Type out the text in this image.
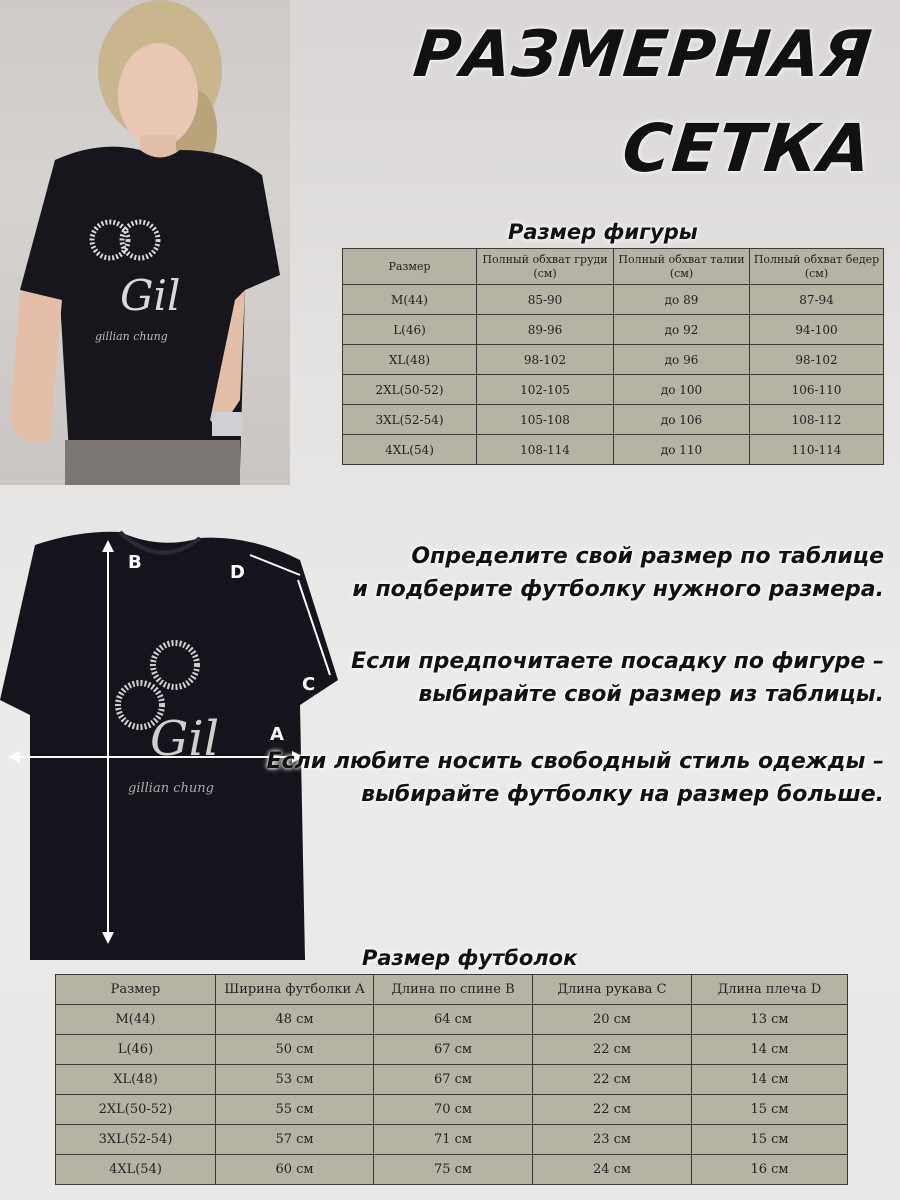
Gil
gillian chung
РАЗМЕРНАЯ
СЕТКА
Размер фигуры
Размер	Полный обхват груди (см)	Полный обхват талии (см)	Полный обхват бедер (см)
M(44)	85-90	до 89	87-94
L(46)	89-96	до 92	94-100
XL(48)	98-102	до 96	98-102
2XL(50-52)	102-105	до 100	106-110
3XL(52-54)	105-108	до 106	108-112
4XL(54)	108-114	до 110	110-114
Gil
gillian chung
B	D
C
A
Определите свой размер по таблице
и подберите футболку нужного размера.
Если предпочитаете посадку по фигуре –
выбирайте свой размер из таблицы.
Если любите носить свободный стиль одежды –
выбирайте футболку на размер больше.
Размер футболок
Размер	Ширина футболки A	Длина по спине B	Длина рукава C	Длина плеча D
M(44)	48 см	64 см	20 см	13 см
L(46)	50 см	67 см	22 см	14 см
XL(48)	53 см	67 см	22 см	14 см
2XL(50-52)	55 см	70 см	22 см	15 см
3XL(52-54)	57 см	71 см	23 см	15 см
4XL(54)	60 см	75 см	24 см	16 см
